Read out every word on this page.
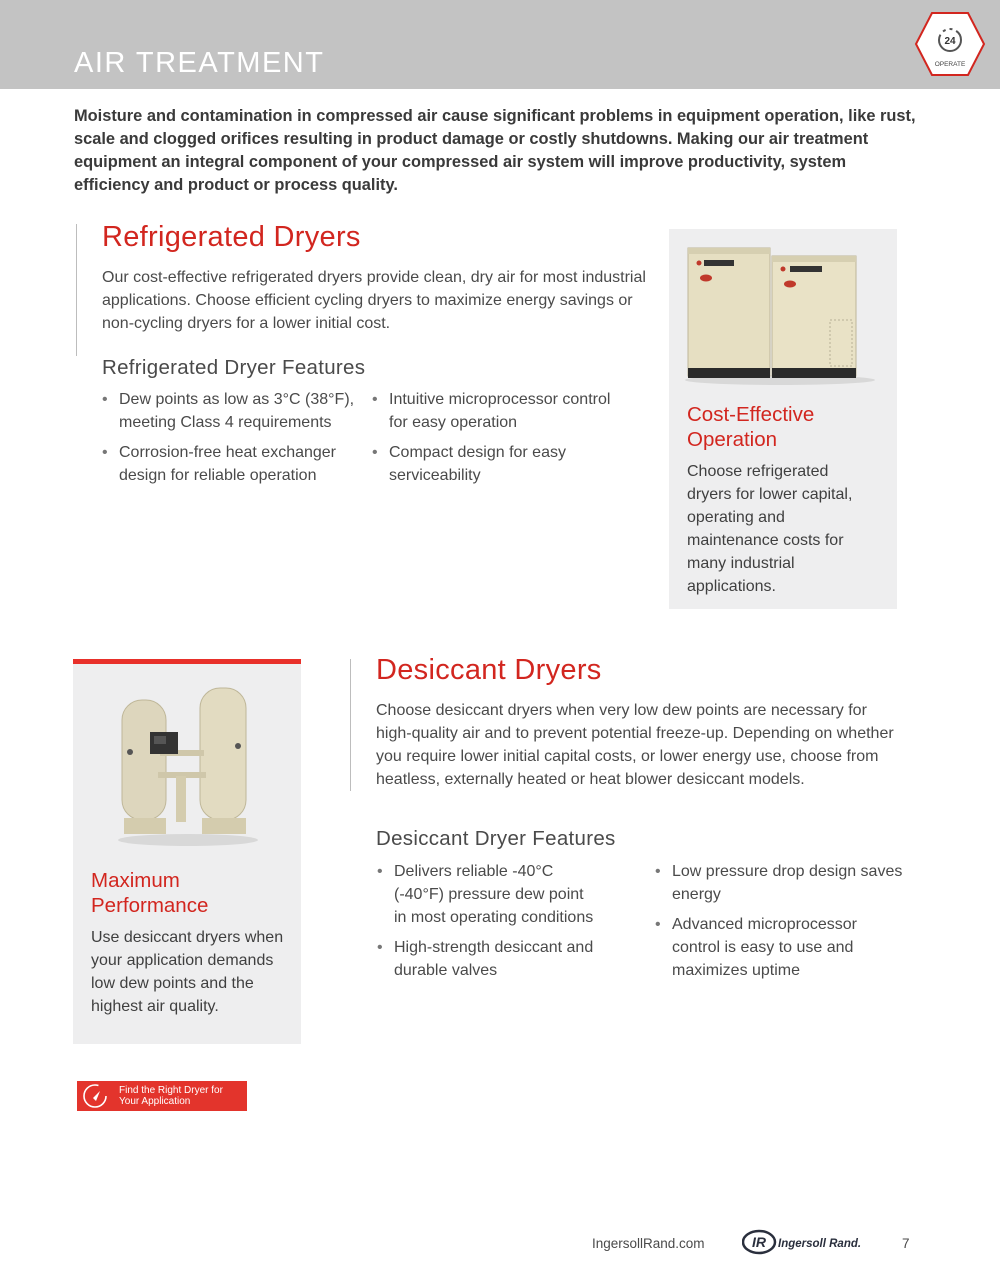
AIR TREATMENT
24
OPERATE
Moisture and contamination in compressed air cause significant problems in equipment operation, like rust, scale and clogged orifices resulting in product damage or costly shutdowns. Making our air treatment equipment an integral component of your compressed air system will improve productivity, system efficiency and product or process quality.
Refrigerated Dryers
Our cost-effective refrigerated dryers provide clean, dry air for most industrial applications. Choose efficient cycling dryers to maximize energy savings or non-cycling dryers for a lower initial cost.
Refrigerated Dryer Features
• Dew points as low as 3°C (38°F), meeting Class 4 requirements
• Corrosion-free heat exchanger design for reliable operation
• Intuitive microprocessor control for easy operation
• Compact design for easy serviceability
Cost-Effective Operation
Choose refrigerated dryers for lower capital, operating and maintenance costs for many industrial applications.
Maximum Performance
Use desiccant dryers when your application demands low dew points and the highest air quality.
Desiccant Dryers
Choose desiccant dryers when very low dew points are necessary for high-quality air and to prevent potential freeze-up. Depending on whether you require lower initial capital costs, or lower energy use, choose from heatless, externally heated or heat blower desiccant models.
Desiccant Dryer Features
• Delivers reliable -40°C (-40°F) pressure dew point in most operating conditions
• High-strength desiccant and durable valves
• Low pressure drop design saves energy
• Advanced microprocessor control is easy to use and maximizes uptime
Find the Right Dryer for Your Application
IngersollRand.com	IR Ingersoll Rand.	7
